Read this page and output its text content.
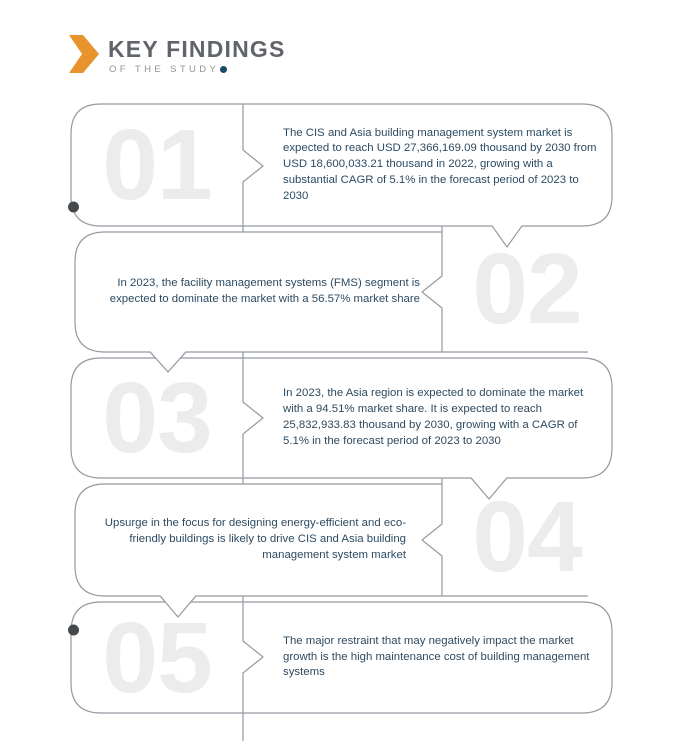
KEY FINDINGS
OF THE STUDY
01	The CIS and Asia building management system market is expected to reach USD 27,366,169.09 thousand by 2030 from USD 18,600,033.21 thousand in 2022, growing with a substantial CAGR of 5.1% in the forecast period of 2023 to 2030

02

In 2023, the facility management systems (FMS) segment is expected to dominate the market with a 56.57% market share

03	In 2023, the Asia region is expected to dominate the market with a 94.51% market share. It is expected to reach 25,832,933.83 thousand by 2030, growing with a CAGR of 5.1% in the forecast period of 2023 to 2030

04

Upsurge in the focus for designing energy-efficient and eco-friendly buildings is likely to drive CIS and Asia building management system market

05	The major restraint that may negatively impact the market growth is the high maintenance cost of building management systems
